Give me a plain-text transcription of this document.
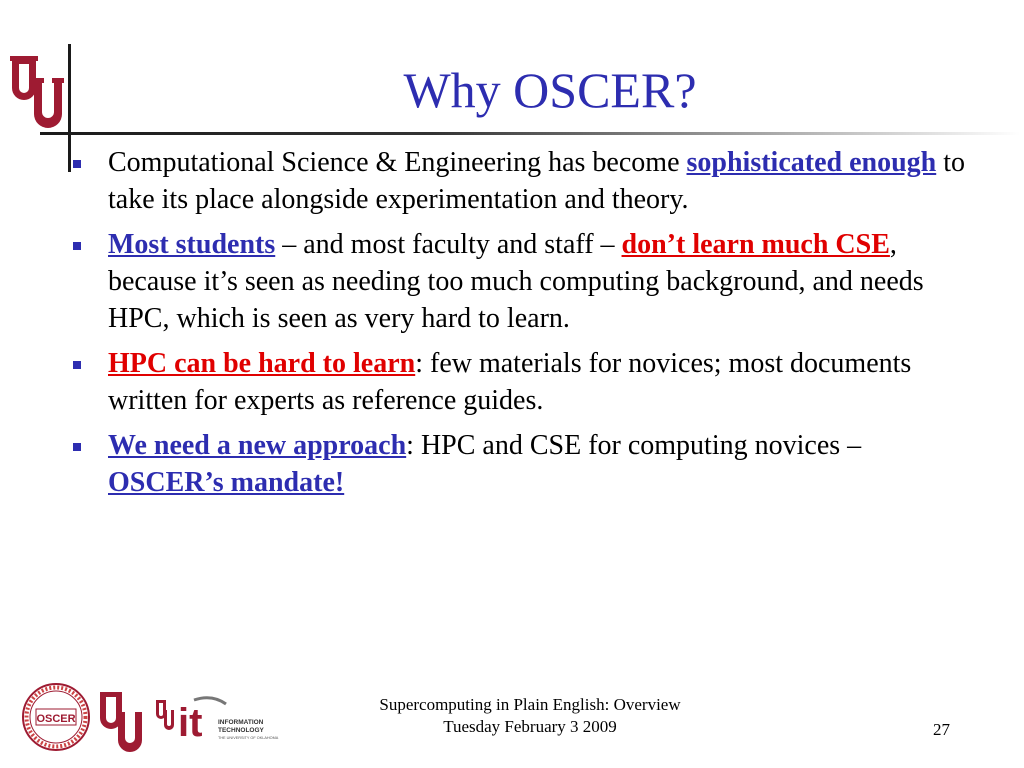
Why OSCER?
Computational Science & Engineering has become sophisticated enough to take its place alongside experimentation and theory.
Most students – and most faculty and staff – don’t learn much CSE, because it’s seen as needing too much computing background, and needs HPC, which is seen as very hard to learn.
HPC can be hard to learn: few materials for novices; most documents written for experts as reference guides.
We need a new approach: HPC and CSE for computing novices – OSCER’s mandate!
OSCER	it INFORMATION
TECHNOLOGY
THE UNIVERSITY OF OKLAHOMA
Supercomputing in Plain English: Overview
Tuesday February 3 2009	27
